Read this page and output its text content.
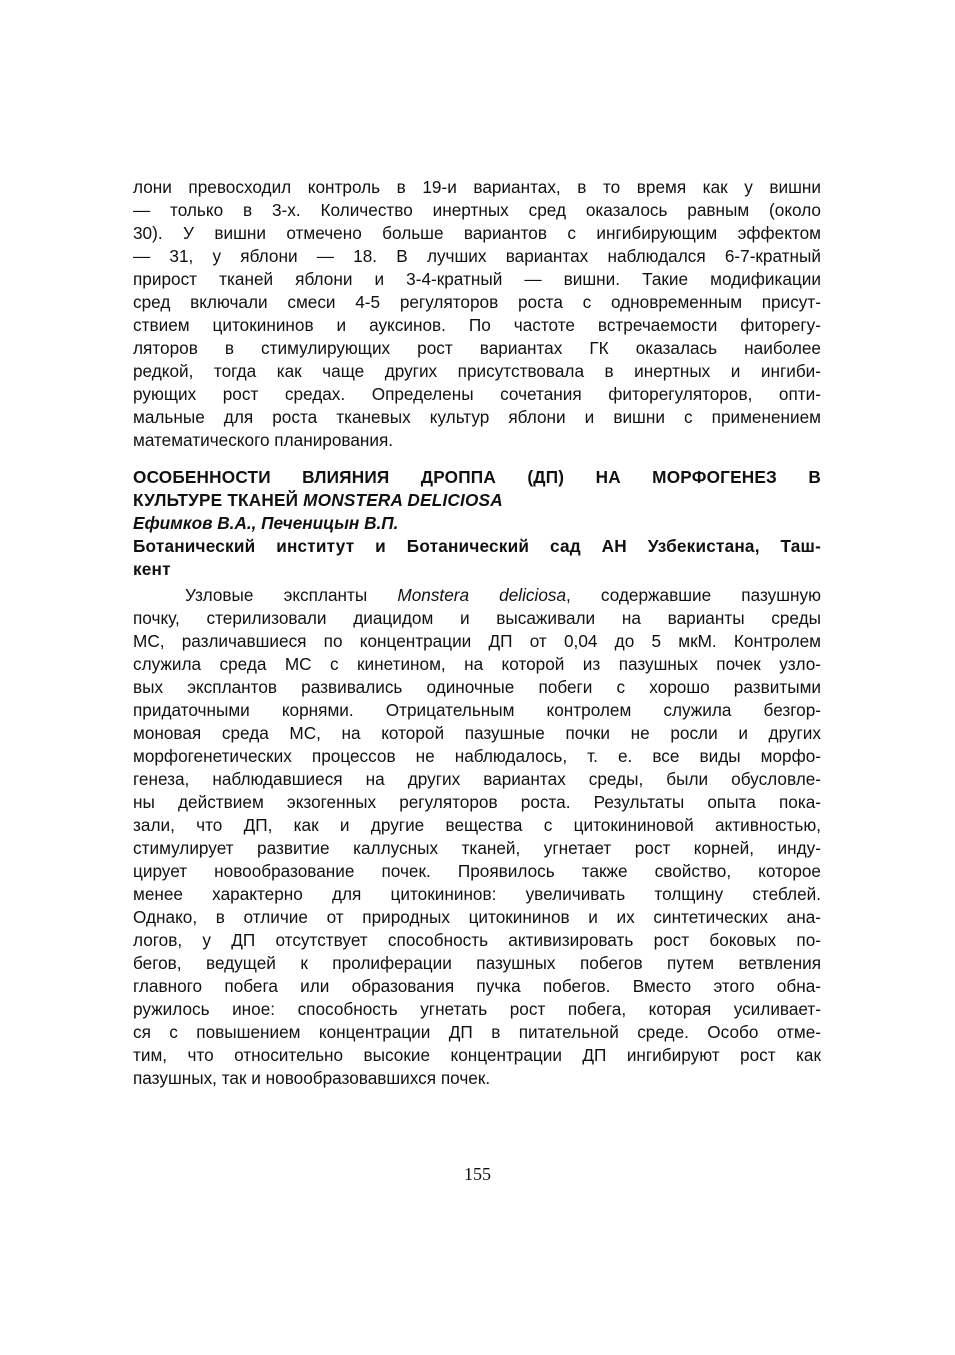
лони превосходил контроль в 19-и вариантах, в то время как у вишни
— только в 3-х. Количество инертных сред оказалось равным (около
30). У вишни отмечено больше вариантов с ингибирующим эффектом
— 31, у яблони — 18. В лучших вариантах наблюдался 6-7-кратный
прирост тканей яблони и 3-4-кратный — вишни. Такие модификации
сред включали смеси 4-5 регуляторов роста с одновременным присут-
ствием цитокининов и ауксинов. По частоте встречаемости фиторегу-
ляторов в стимулирующих рост вариантах ГК оказалась наиболее
редкой, тогда как чаще других присутствовала в инертных и ингиби-
рующих рост средах. Определены сочетания фиторегуляторов, опти-
мальные для роста тканевых культур яблони и вишни с применением
математического планирования.
ОСОБЕННОСТИ ВЛИЯНИЯ ДРОППА (ДП) НА МОРФОГЕНЕЗ В
КУЛЬТУРЕ ТКАНЕЙ MONSTERA DELICIOSA
Ефимков В.А., Печеницын В.П.
Ботанический институт и Ботанический сад АН Узбекистана, Таш-
кент
Узловые экспланты Monstera deliciosa, содержавшие пазушную
почку, стерилизовали диацидом и высаживали на варианты среды
МС, различавшиеся по концентрации ДП от 0,04 до 5 мкМ. Контролем
служила среда МС с кинетином, на которой из пазушных почек узло-
вых эксплантов развивались одиночные побеги с хорошо развитыми
придаточными корнями. Отрицательным контролем служила безгор-
моновая среда МС, на которой пазушные почки не росли и других
морфогенетических процессов не наблюдалось, т. е. все виды морфо-
генеза, наблюдавшиеся на других вариантах среды, были обусловле-
ны действием экзогенных регуляторов роста. Результаты опыта пока-
зали, что ДП, как и другие вещества с цитокининовой активностью,
стимулирует развитие каллусных тканей, угнетает рост корней, инду-
цирует новообразование почек. Проявилось также свойство, которое
менее характерно для цитокининов: увеличивать толщину стеблей.
Однако, в отличие от природных цитокининов и их синтетических ана-
логов, у ДП отсутствует способность активизировать рост боковых по-
бегов, ведущей к пролиферации пазушных побегов путем ветвления
главного побега или образования пучка побегов. Вместо этого обна-
ружилось иное: способность угнетать рост побега, которая усиливает-
ся с повышением концентрации ДП в питательной среде. Особо отме-
тим, что относительно высокие концентрации ДП ингибируют рост как
пазушных, так и новообразовавшихся почек.
155
